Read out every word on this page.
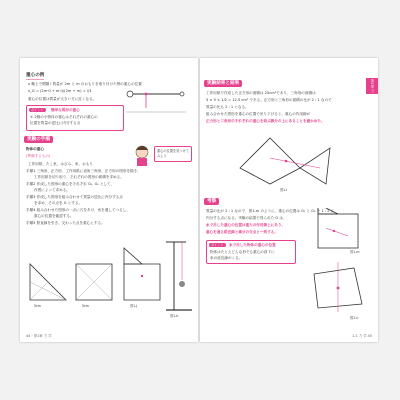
重心の例
x 軸上で間隔 l 質量が 2m と m のおもりを取り付けた棒の重心の位置
x_G = (2m·0 + m·l)/(2m + m) = l/3
重心の位置は質量が大きい方に近くなる。
ポイント	簡単な図形の重心
① 2個の小物体の重心はそれぞれの重心の
位置を質量の逆比に内分する点
実験の手順
物体の重心
(準備するもの)
重心の位置を見つけてみよう
工作用紙、たこ糸、はさみ、糸、おもり
手順1 三角形、正方形、工作用紙に直角三角形、正方形の図形を描き、
工作用紙を切り取り、それぞれの図形の面積を求める。
手順2 作成した図形の重心をそれぞれ G₁, G₂ として、
作図によって求める。
手順3 作成した図形を組み合わせて質量の逆比に内分する点
を求め、その点を G とする。
手順4 組み合わせた図形の一点に穴をあけ、糸を通してつるし、
重心の位置を確認する。
手順5 鉛直線を引き、交わった点を重心とする。
5cm	5cm	図1-j
図1-k
44・第1章 力 学
第1部 力学
実験結果と結果
工作用紙で作成した正方形の面積は 25cm²であり、三角形の面積は
5 × 5 × 1/2 = 12.5 cm² である。正方形と三角形の面積の比が 2 : 1 なので
質量の比も 2 : 1 となる。
組み合わせた図形を重心の位置で吊り下げると、重心の作用線が
正方形と三角形のそれぞれの重心を結ぶ線分の上にあることを確かめた。
図1-l
考察
質量の比が 2 : 1 なので、図1-m のように、重心の位置は G₁ と G₂ を 1 : 2 に
内分する点になる。実験の結果で得られた G は、
糸で吊した重心の位置は重力の作用線上にあり、
重心を通る鉛直線と線分の交点と一致する。
ポイント	糸で吊した物体の重心の位置
物体はたとえどんな形でも重心の真下に
糸の延長線がくる。
図1-m
図1-n
1-1 力 学 45
